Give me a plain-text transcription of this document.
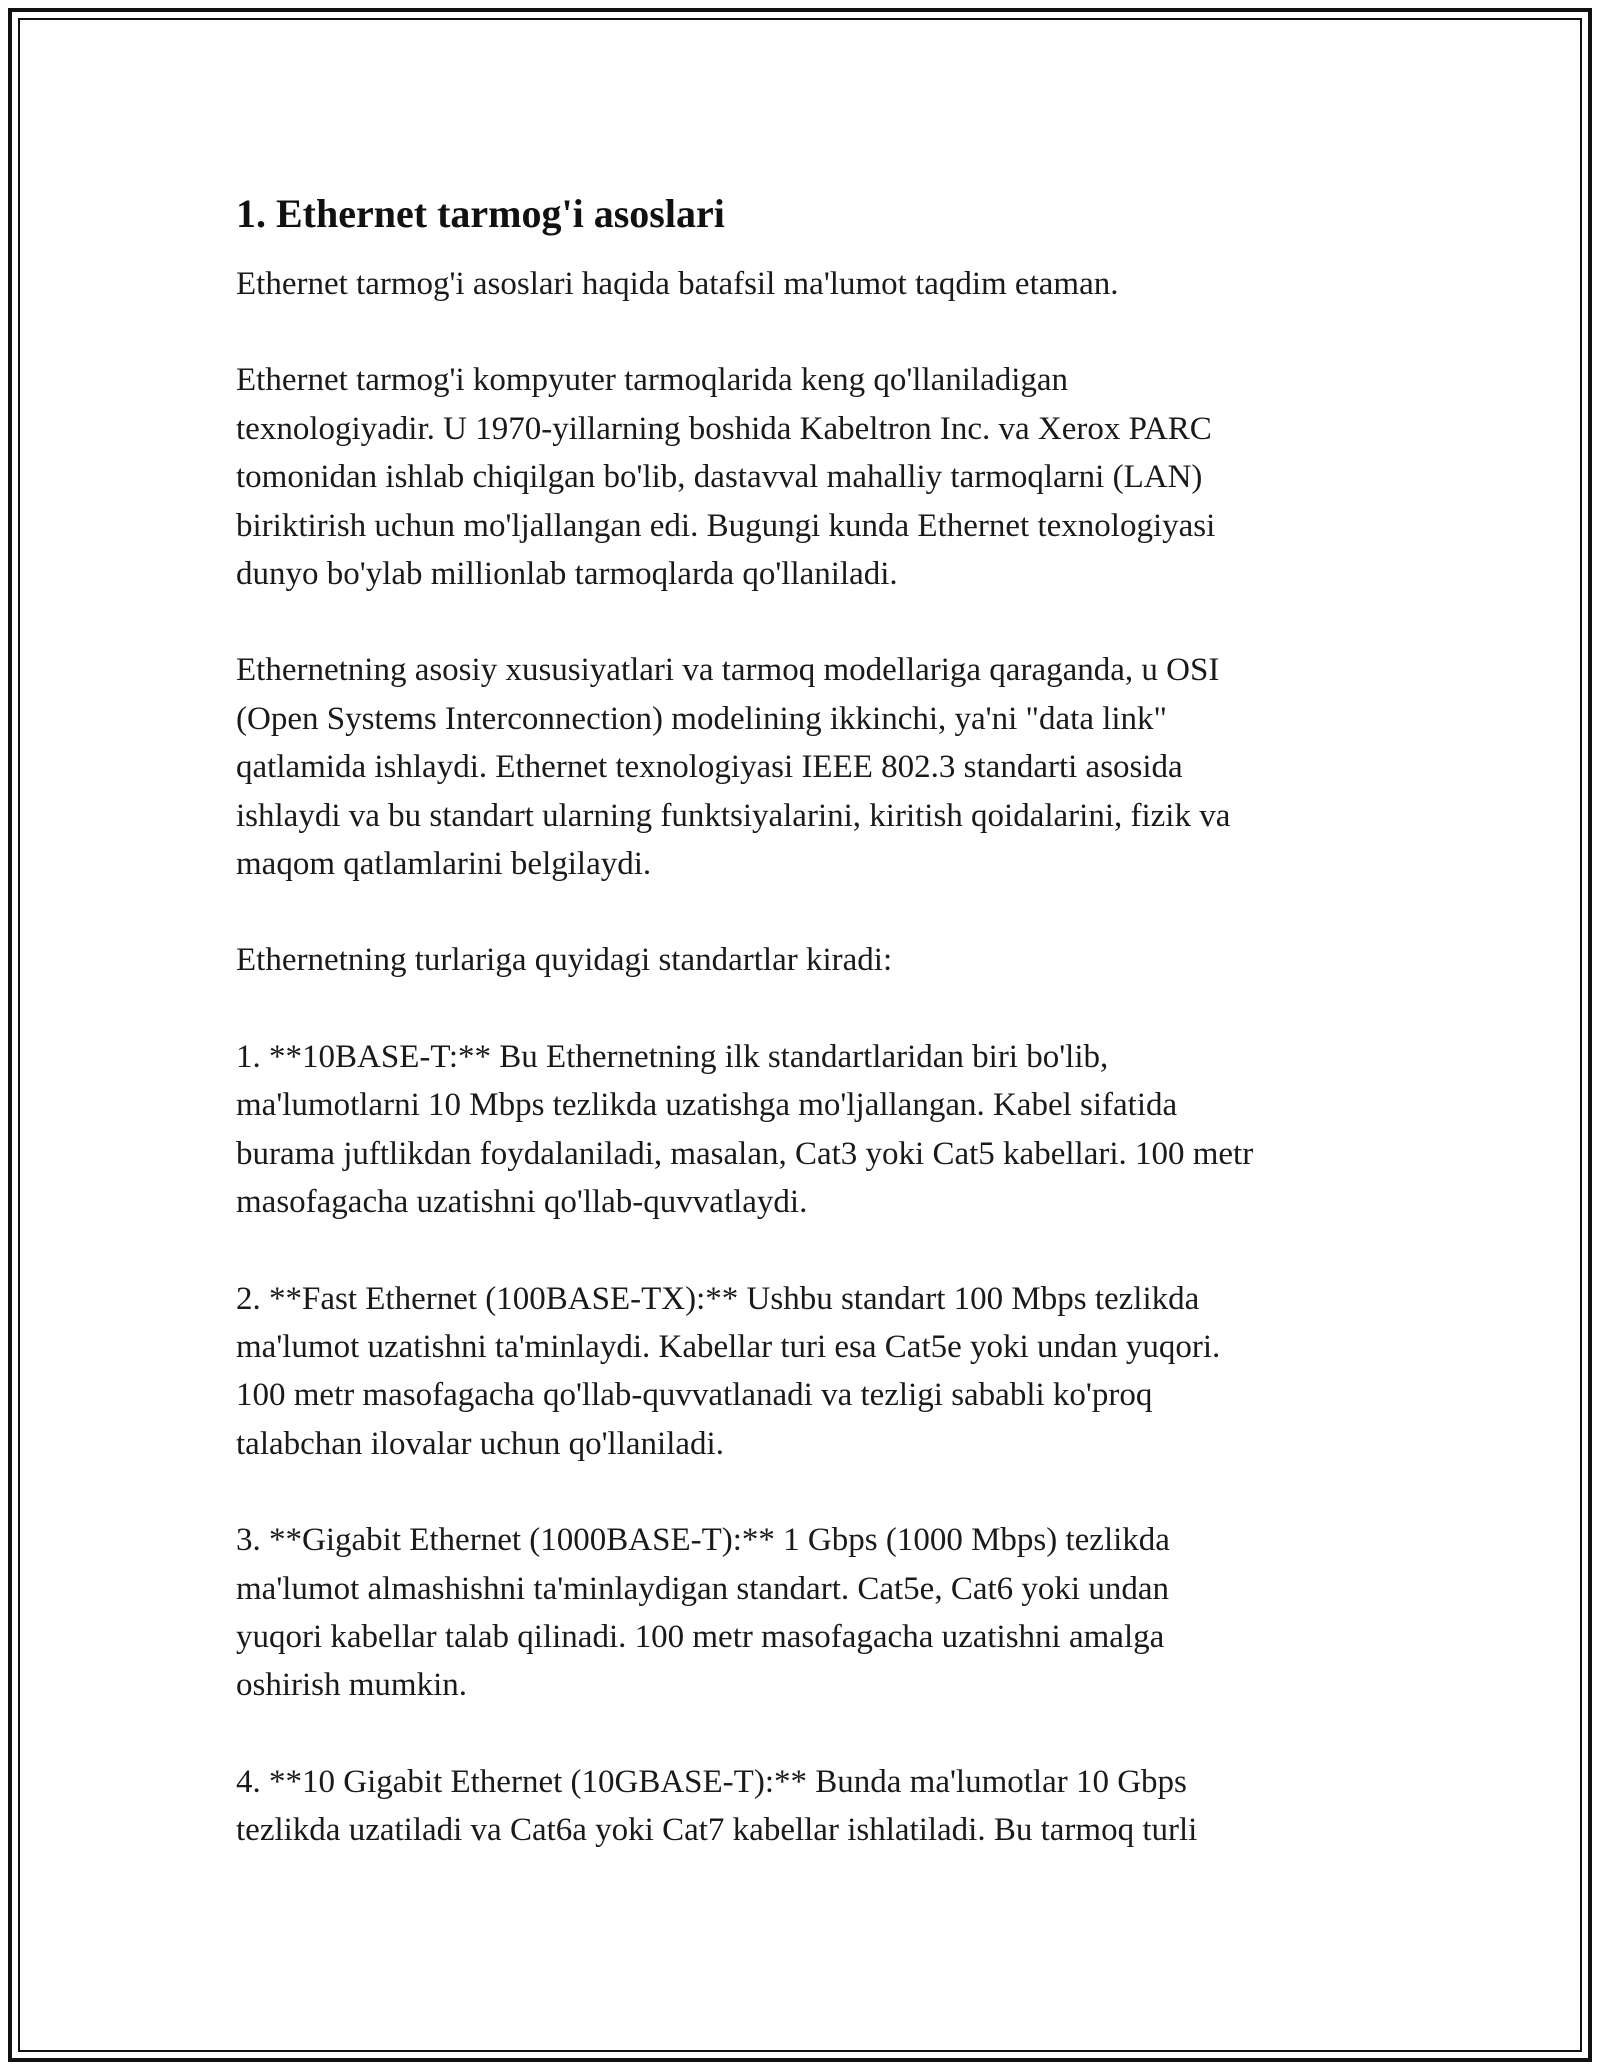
1. Ethernet tarmog'i asoslari

Ethernet tarmog'i asoslari haqida batafsil ma'lumot taqdim etaman.

Ethernet tarmog'i kompyuter tarmoqlarida keng qo'llaniladigan
texnologiyadir. U 1970-yillarning boshida Kabeltron Inc. va Xerox PARC
tomonidan ishlab chiqilgan bo'lib, dastavval mahalliy tarmoqlarni (LAN)
biriktirish uchun mo'ljallangan edi. Bugungi kunda Ethernet texnologiyasi
dunyo bo'ylab millionlab tarmoqlarda qo'llaniladi.

Ethernetning asosiy xususiyatlari va tarmoq modellariga qaraganda, u OSI
(Open Systems Interconnection) modelining ikkinchi, ya'ni "data link"
qatlamida ishlaydi. Ethernet texnologiyasi IEEE 802.3 standarti asosida
ishlaydi va bu standart ularning funktsiyalarini, kiritish qoidalarini, fizik va
maqom qatlamlarini belgilaydi.

Ethernetning turlariga quyidagi standartlar kiradi:

1. **10BASE-T:** Bu Ethernetning ilk standartlaridan biri bo'lib,
ma'lumotlarni 10 Mbps tezlikda uzatishga mo'ljallangan. Kabel sifatida
burama juftlikdan foydalaniladi, masalan, Cat3 yoki Cat5 kabellari. 100 metr
masofagacha uzatishni qo'llab-quvvatlaydi.

2. **Fast Ethernet (100BASE-TX):** Ushbu standart 100 Mbps tezlikda
ma'lumot uzatishni ta'minlaydi. Kabellar turi esa Cat5e yoki undan yuqori.
100 metr masofagacha qo'llab-quvvatlanadi va tezligi sababli ko'proq
talabchan ilovalar uchun qo'llaniladi.

3. **Gigabit Ethernet (1000BASE-T):** 1 Gbps (1000 Mbps) tezlikda
ma'lumot almashishni ta'minlaydigan standart. Cat5e, Cat6 yoki undan
yuqori kabellar talab qilinadi. 100 metr masofagacha uzatishni amalga
oshirish mumkin.

4. **10 Gigabit Ethernet (10GBASE-T):** Bunda ma'lumotlar 10 Gbps
tezlikda uzatiladi va Cat6a yoki Cat7 kabellar ishlatiladi. Bu tarmoq turli
